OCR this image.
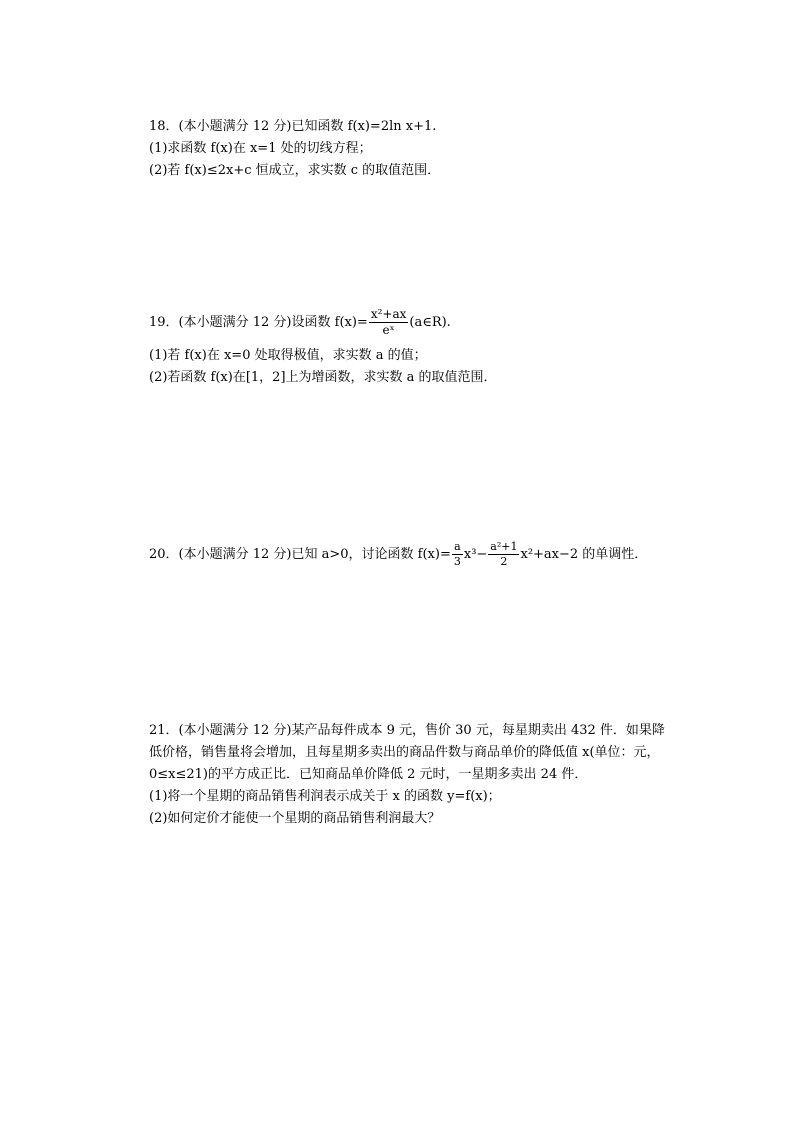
18．(本小题满分 12 分)已知函数 f(x)=2ln x+1.
(1)求函数 f(x)在 x=1 处的切线方程；
(2)若 f(x)≤2x+c 恒成立，求实数 c 的取值范围．
19．(本小题满分 12 分)设函数 $f(x)= \frac{\text{x²+ax}}{\text{eˣ}}$ (a∈R).
(1)若 f(x)在 x=0 处取得极值，求实数 a 的值；
(2)若函数 f(x)在[1，2]上为增函数，求实数 a 的取值范围．
20．(本小题满分 12 分)已知 a>0，讨论函数 $f(x)= \frac{a}{3} x^3- \frac{\text{a²+1}}{2} x^2+ax-2$ 的单调性．
21．(本小题满分 12 分)某产品每件成本 9 元，售价 30 元，每星期卖出 432 件．如果降
低价格，销售量将会增加，且每星期多卖出的商品件数与商品单价的降低值 x(单位：元，
0≤x≤21)的平方成正比．已知商品单价降低 2 元时，一星期多卖出 24 件．
(1)将一个星期的商品销售利润表示成关于 x 的函数 y=f(x)；
(2)如何定价才能使一个星期的商品销售利润最大？
